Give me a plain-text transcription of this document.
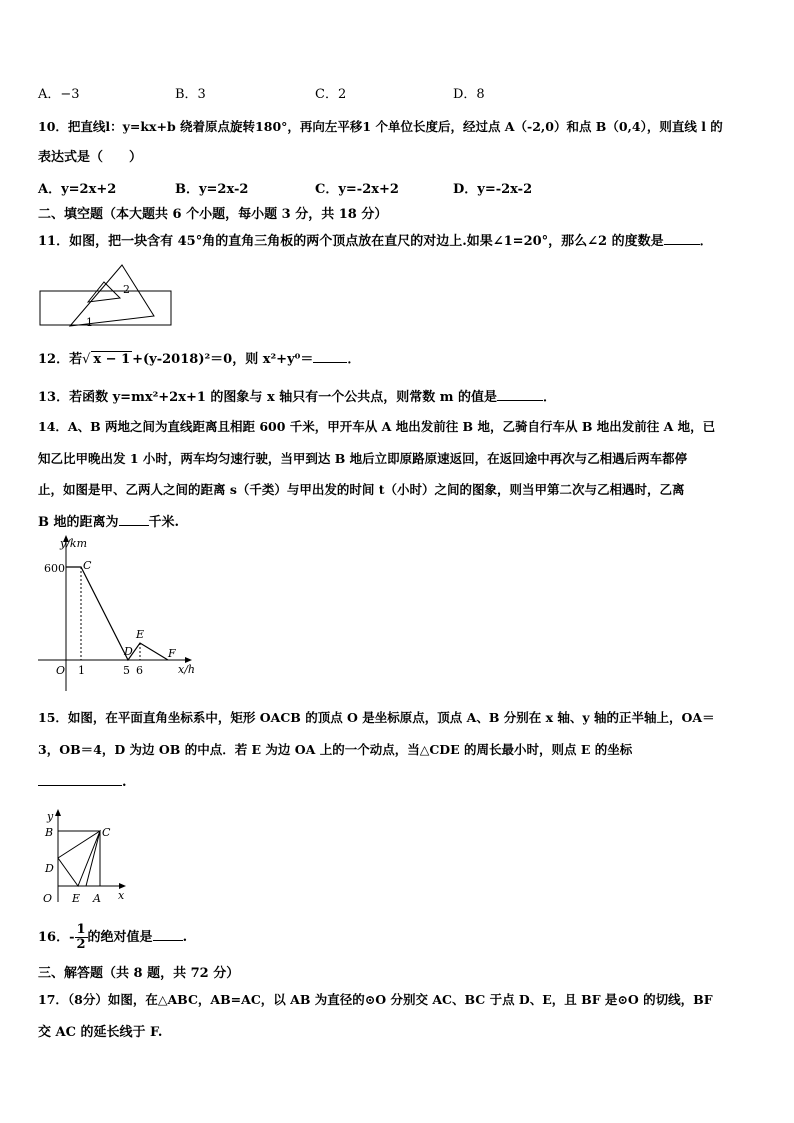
A．−3	B．3	C．2	D．8
10．把直线l：y=kx+b 绕着原点旋转180°，再向左平移1 个单位长度后，经过点 A（-2,0）和点 B（0,4），则直线 l 的
表达式是（　　）
A．y=2x+2	B．y=2x-2	C．y=-2x+2	D．y=-2x-2
二、填空题（本大题共 6 个小题，每小题 3 分，共 18 分）
11．如图，把一块含有 45°角的直角三角板的两个顶点放在直尺的对边上.如果∠1=20°，那么∠2 的度数是	．
2
1
12．若√ x − 1 +(y-2018)²＝0，则 x²+y⁰＝	．
13．若函数 y=mx²+2x+1 的图象与 x 轴只有一个公共点，则常数 m 的值是	．
14．A、B 两地之间为直线距离且相距 600 千米，甲开车从 A 地出发前往 B 地，乙骑自行车从 B 地出发前往 A 地，已
知乙比甲晚出发 1 小时，两车均匀速行驶，当甲到达 B 地后立即原路原速返回，在返回途中再次与乙相遇后两车都停
止，如图是甲、乙两人之间的距离 s（千类）与甲出发的时间 t（小时）之间的图象，则当甲第二次与乙相遇时，乙离
B 地的距离为 千米.
y/km
x/h
600 C
E
D	F
O 1	5 6
15．如图，在平面直角坐标系中，矩形 OACB 的顶点 O 是坐标原点，顶点 A、B 分别在 x 轴、y 轴的正半轴上，OA＝
3，OB＝4，D 为边 OB 的中点．若 E 为边 OA 上的一个动点，当△CDE 的周长最小时，则点 E 的坐标
.
y
x
B	C
D
O E A
16．- $\frac{1}{2}$ 的绝对值是 .
三、解答题（共 8 题，共 72 分）
17．（8分）如图，在△ABC，AB=AC，以 AB 为直径的⊙O 分别交 AC、BC 于点 D、E，且 BF 是⊙O 的切线，BF
交 AC 的延长线于 F.
